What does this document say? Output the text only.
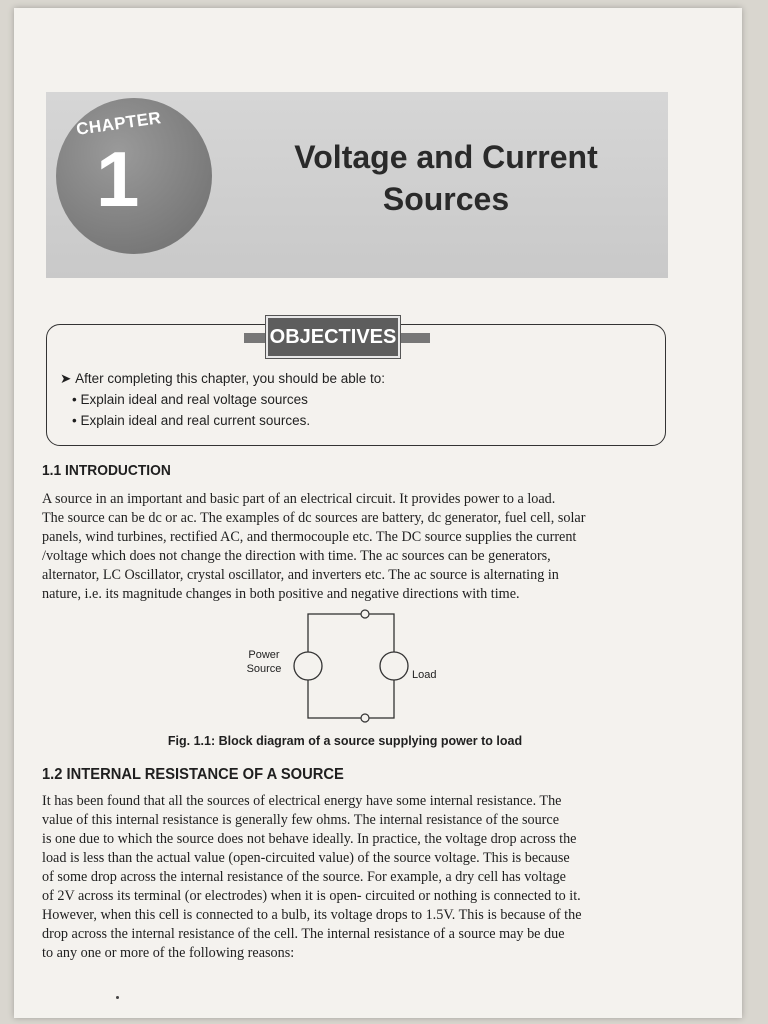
CHAPTER
1	Voltage and Current
Sources
OBJECTIVES
➤ After completing this chapter, you should be able to:
• Explain ideal and real voltage sources
• Explain ideal and real current sources.
1.1 INTRODUCTION
A source in an important and basic part of an electrical circuit. It provides power to a load.
The source can be dc or ac. The examples of dc sources are battery, dc generator, fuel cell, solar
panels, wind turbines, rectified AC, and thermocouple etc. The DC source supplies the current
/voltage which does not change the direction with time. The ac sources can be generators,
alternator, LC Oscillator, crystal oscillator, and inverters etc. The ac source is alternating in
nature, i.e. its magnitude changes in both positive and negative directions with time.
Power
Source	Load
Fig. 1.1: Block diagram of a source supplying power to load
1.2 INTERNAL RESISTANCE OF A SOURCE
It has been found that all the sources of electrical energy have some internal resistance. The
value of this internal resistance is generally few ohms. The internal resistance of the source
is one due to which the source does not behave ideally. In practice, the voltage drop across the
load is less than the actual value (open-circuited value) of the source voltage. This is because
of some drop across the internal resistance of the source. For example, a dry cell has voltage
of 2V across its terminal (or electrodes) when it is open- circuited or nothing is connected to it.
However, when this cell is connected to a bulb, its voltage drops to 1.5V. This is because of the
drop across the internal resistance of the cell. The internal resistance of a source may be due
to any one or more of the following reasons:
